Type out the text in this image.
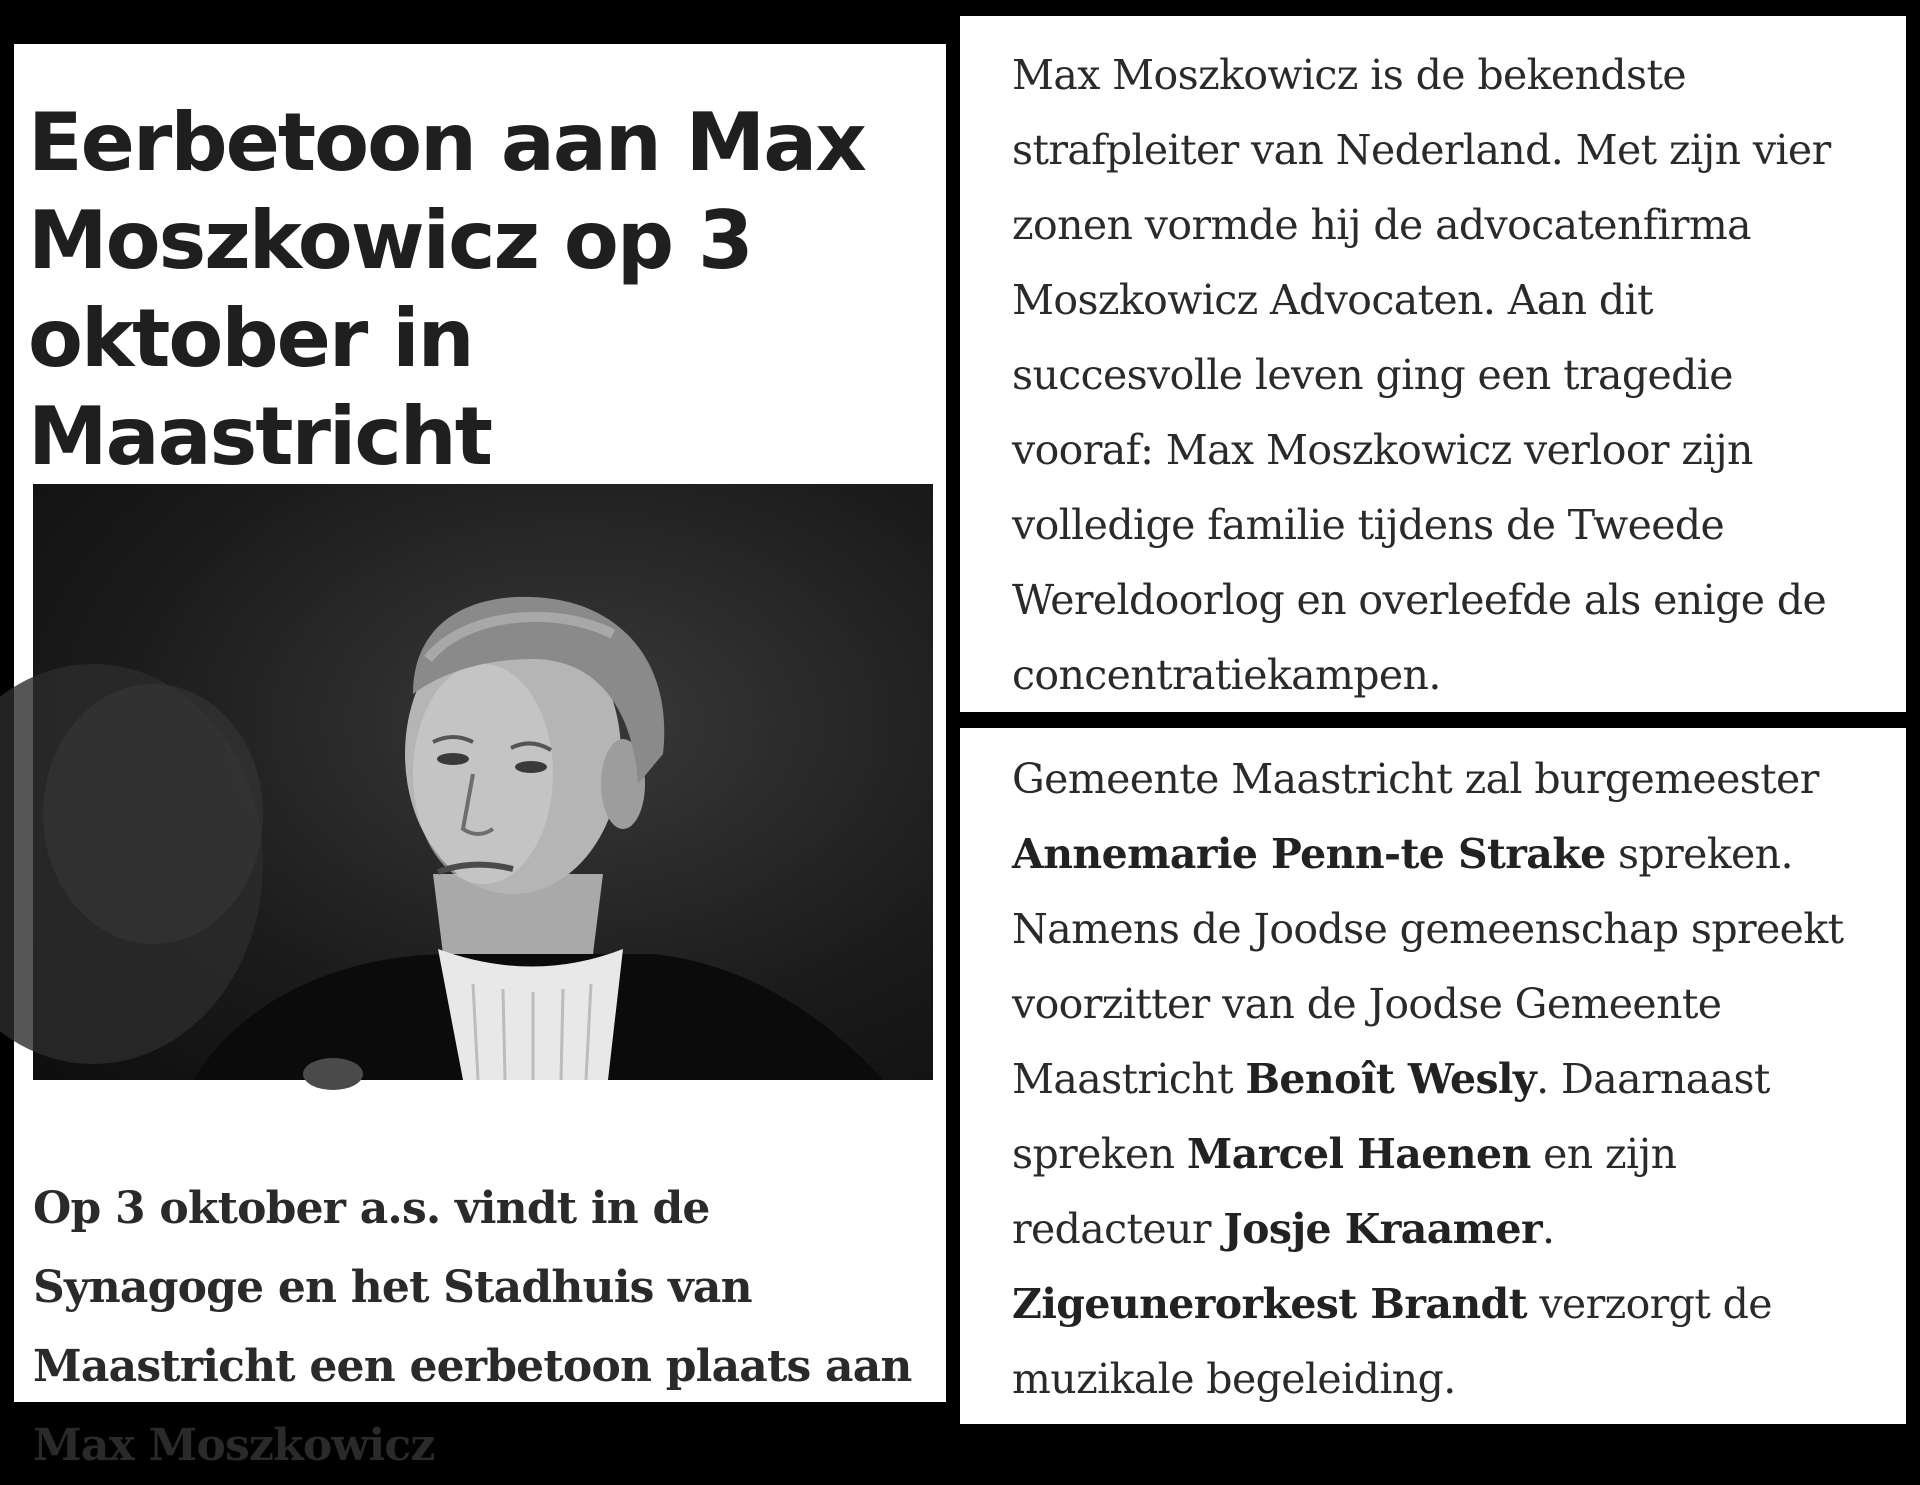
Eerbetoon aan Max Moszkowicz op 3 oktober in Maastricht

Op 3 oktober a.s. vindt in de Synagoge en het Stadhuis van Maastricht een eerbetoon plaats aan Max Moszkowicz

Max Moszkowicz is de bekendste
strafpleiter van Nederland. Met zijn vier
zonen vormde hij de advocatenfirma
Moszkowicz Advocaten. Aan dit
succesvolle leven ging een tragedie
vooraf: Max Moszkowicz verloor zijn
volledige familie tijdens de Tweede
Wereldoorlog en overleefde als enige de
concentratiekampen.

Gemeente Maastricht zal burgemeester
Annemarie Penn-te Strake spreken.
Namens de Joodse gemeenschap spreekt
voorzitter van de Joodse Gemeente
Maastricht Benoît Wesly. Daarnaast
spreken Marcel Haenen en zijn
redacteur Josje Kraamer.
Zigeunerorkest Brandt verzorgt de
muzikale begeleiding.
